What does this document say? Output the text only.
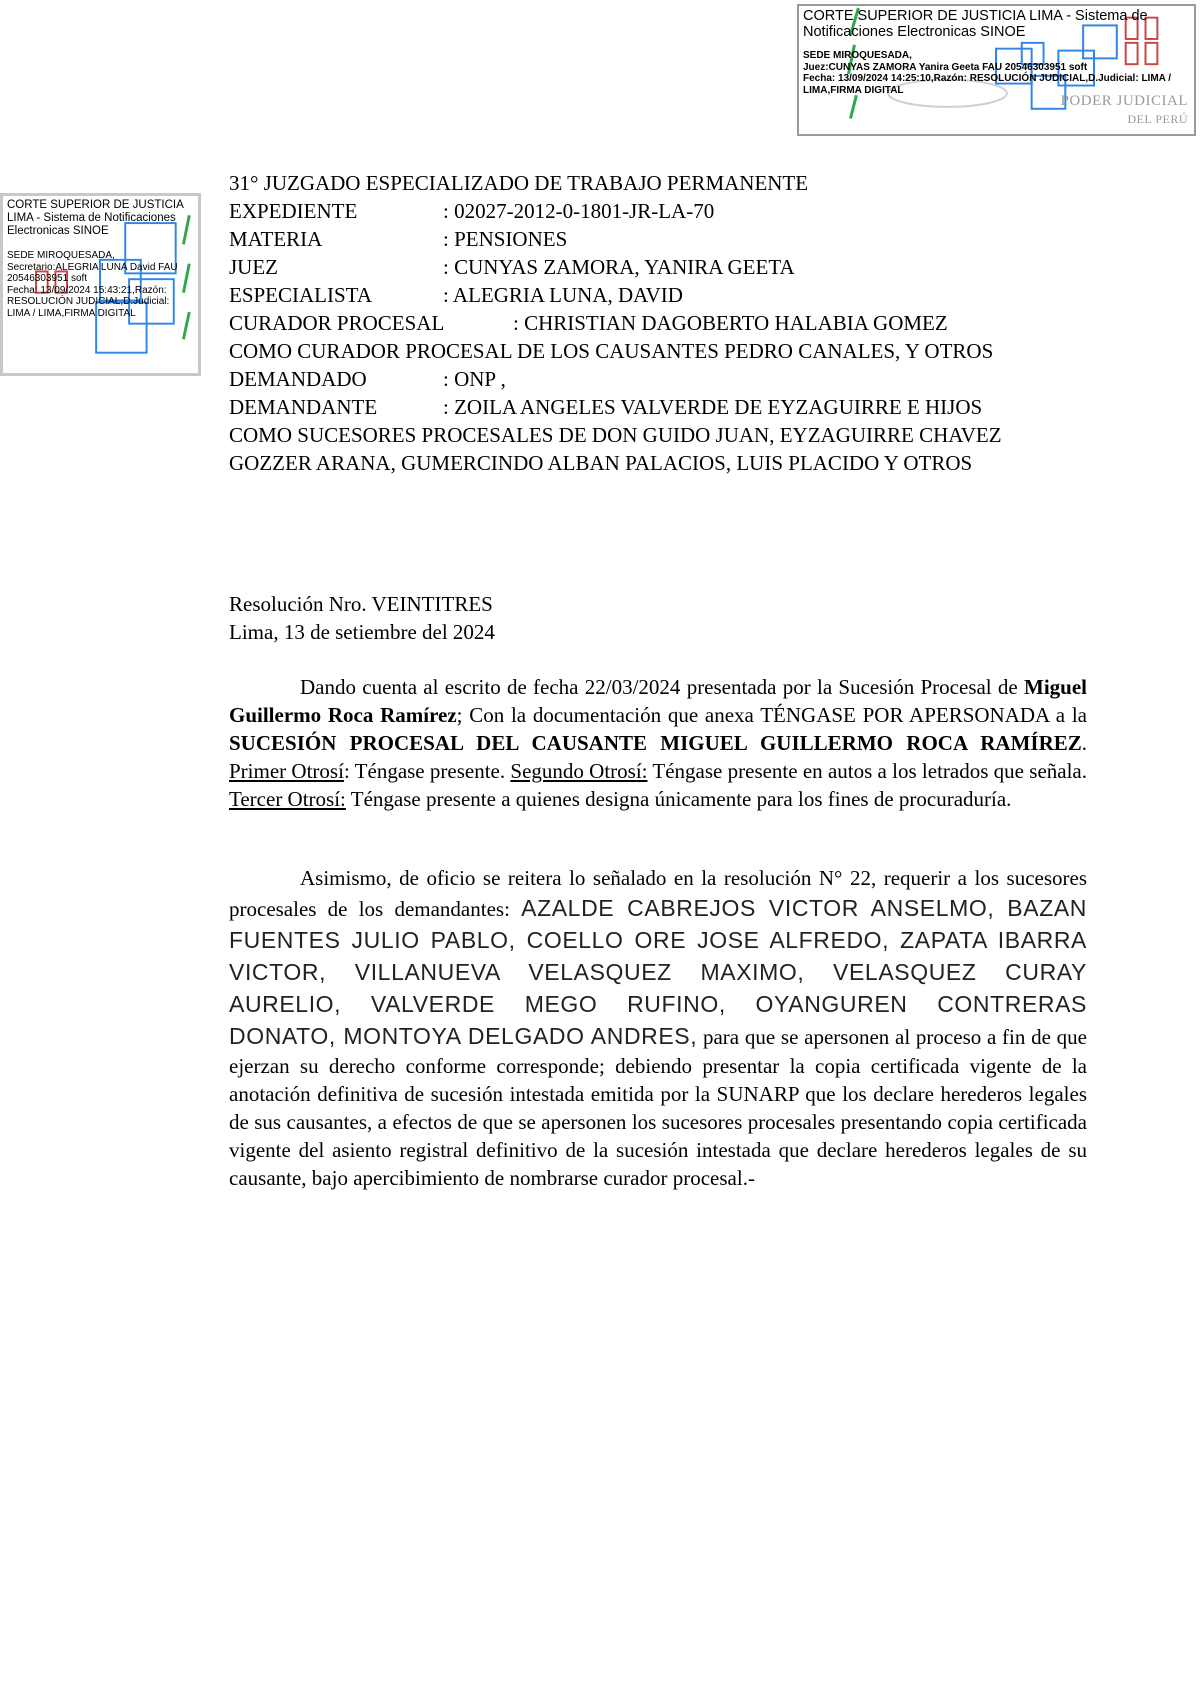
CORTE SUPERIOR DE JUSTICIA LIMA - Sistema de Notificaciones Electronicas SINOE
SEDE MIROQUESADA,
Juez:CUNYAS ZAMORA Yanira Geeta FAU 20546303951 soft
Fecha: 13/09/2024 14:25:10,Razón: RESOLUCIÓN JUDICIAL,D.Judicial: LIMA / LIMA,FIRMA DIGITAL
PODER JUDICIAL
DEL PERÚ
CORTE SUPERIOR DE JUSTICIA LIMA - Sistema de Notificaciones Electronicas SINOE
SEDE MIROQUESADA,
Secretario:ALEGRIA LUNA David FAU 20546303951 soft
Fecha: 13/09/2024 15:43:21,Razón: RESOLUCIÓN JUDICIAL,D.Judicial: LIMA / LIMA,FIRMA DIGITAL
31° JUZGADO ESPECIALIZADO DE TRABAJO PERMANENTE
EXPEDIENTE	: 02027-2012-0-1801-JR-LA-70
MATERIA	: PENSIONES
JUEZ	: CUNYAS ZAMORA, YANIRA GEETA
ESPECIALISTA	: ALEGRIA LUNA, DAVID
CURADOR PROCESAL	: CHRISTIAN DAGOBERTO HALABIA GOMEZ
COMO CURADOR PROCESAL DE LOS CAUSANTES PEDRO CANALES, Y OTROS
DEMANDADO	: ONP ,
DEMANDANTE	: ZOILA ANGELES VALVERDE DE EYZAGUIRRE E HIJOS
COMO SUCESORES PROCESALES DE DON GUIDO JUAN, EYZAGUIRRE CHAVEZ GOZZER ARANA, GUMERCINDO ALBAN PALACIOS, LUIS PLACIDO Y OTROS
Resolución Nro. VEINTITRES
Lima, 13 de setiembre del 2024
Dando cuenta al escrito de fecha 22/03/2024 presentada por la Sucesión Procesal de Miguel Guillermo Roca Ramírez; Con la documentación que anexa TÉNGASE POR APERSONADA a la SUCESIÓN PROCESAL DEL CAUSANTE MIGUEL GUILLERMO ROCA RAMÍREZ. Primer Otrosí: Téngase presente. Segundo Otrosí: Téngase presente en autos a los letrados que señala. Tercer Otrosí: Téngase presente a quienes designa únicamente para los fines de procuraduría.
Asimismo, de oficio se reitera lo señalado en la resolución N° 22, requerir a los sucesores procesales de los demandantes: AZALDE CABREJOS VICTOR ANSELMO, BAZAN FUENTES JULIO PABLO, COELLO ORE JOSE ALFREDO, ZAPATA IBARRA VICTOR, VILLANUEVA VELASQUEZ MAXIMO, VELASQUEZ CURAY AURELIO, VALVERDE MEGO RUFINO, OYANGUREN CONTRERAS DONATO, MONTOYA DELGADO ANDRES, para que se apersonen al proceso a fin de que ejerzan su derecho conforme corresponde; debiendo presentar la copia certificada vigente de la anotación definitiva de sucesión intestada emitida por la SUNARP que los declare herederos legales de sus causantes, a efectos de que se apersonen los sucesores procesales presentando copia certificada vigente del asiento registral definitivo de la sucesión intestada que declare herederos legales de su causante, bajo apercibimiento de nombrarse curador procesal.-
